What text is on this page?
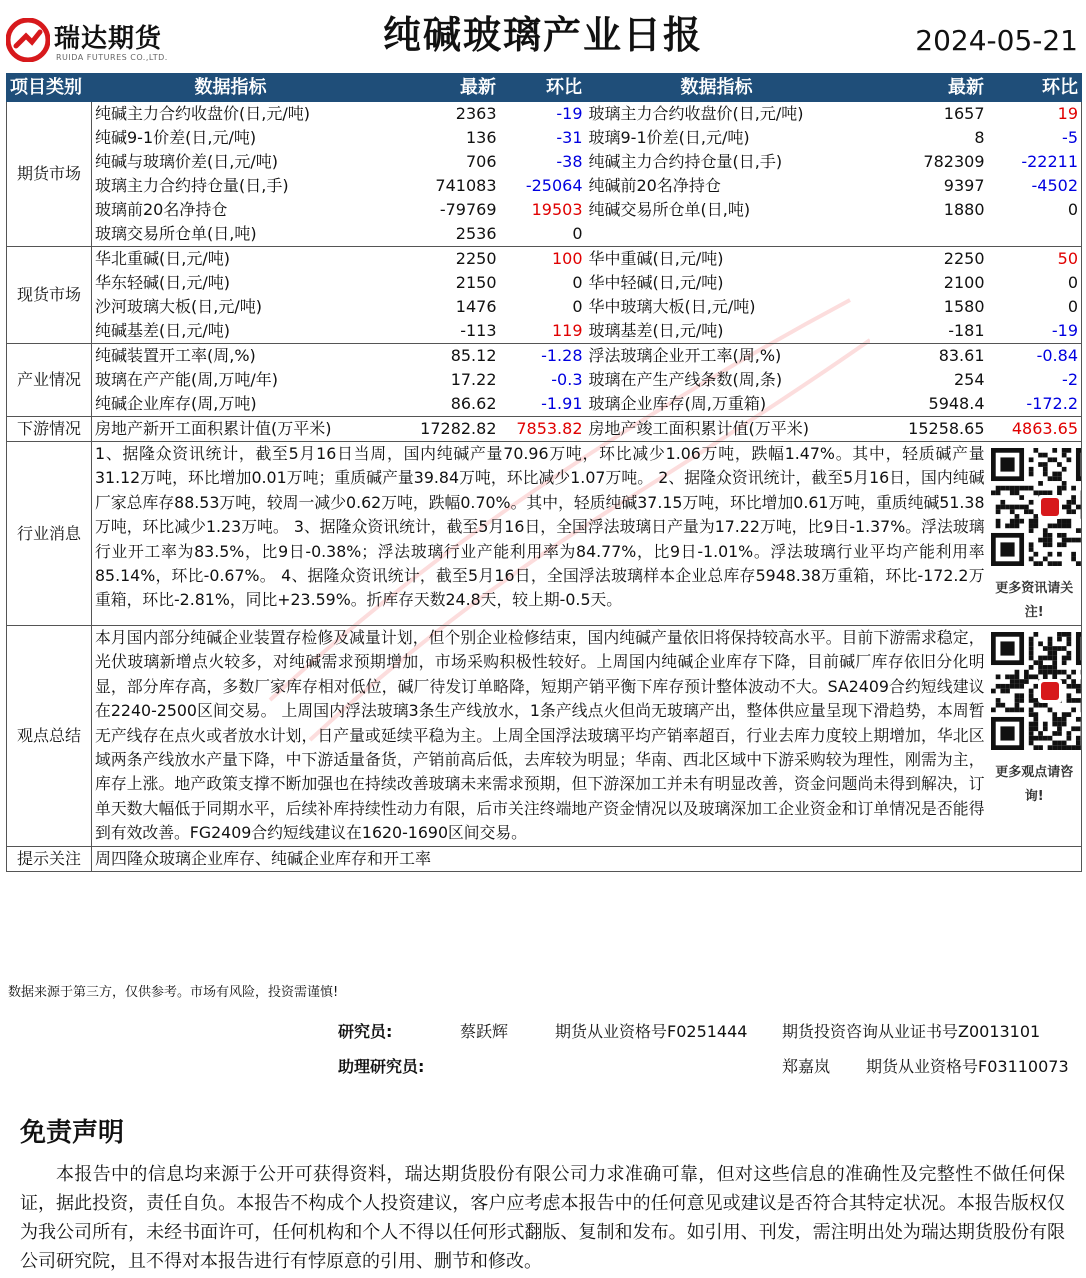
瑞达期货
RUIDA FUTURES CO.,LTD.
纯碱玻璃产业日报	2024-05-21
项目类别	数据指标	最新	环比	数据指标	最新	环比
期货市场	纯碱主力合约收盘价(日,元/吨)	2363	-19	玻璃主力合约收盘价(日,元/吨)	1657	19
	纯碱9-1价差(日,元/吨)	136	-31	玻璃9-1价差(日,元/吨)	8	-5
	纯碱与玻璃价差(日,元/吨)	706	-38	纯碱主力合约持仓量(日,手)	782309	-22211
	玻璃主力合约持仓量(日,手)	741083	-25064	纯碱前20名净持仓	9397	-4502
	玻璃前20名净持仓	-79769	19503	纯碱交易所仓单(日,吨)	1880	0
	玻璃交易所仓单(日,吨)	2536	0			
现货市场	华北重碱(日,元/吨)	2250	100	华中重碱(日,元/吨)	2250	50
	华东轻碱(日,元/吨)	2150	0	华中轻碱(日,元/吨)	2100	0
	沙河玻璃大板(日,元/吨)	1476	0	华中玻璃大板(日,元/吨)	1580	0
	纯碱基差(日,元/吨)	-113	119	玻璃基差(日,元/吨)	-181	-19
产业情况	纯碱装置开工率(周,%)	85.12	-1.28	浮法玻璃企业开工率(周,%)	83.61	-0.84
	玻璃在产产能(周,万吨/年)	17.22	-0.3	玻璃在产生产线条数(周,条)	254	-2
	纯碱企业库存(周,万吨)	86.62	-1.91	玻璃企业库存(周,万重箱)	5948.4	-172.2
下游情况	房地产新开工面积累计值(万平米)	17282.82	7853.82	房地产竣工面积累计值(万平米)	15258.65	4863.65
行业消息	1、据隆众资讯统计，截至5月16日当周，国内纯碱产量70.96万吨，环比减少1.06万吨，跌幅1.47%。其中，轻质碱产量31.12万吨，环比增加0.01万吨；重质碱产量39.84万吨，环比减少1.07万吨。 2、据隆众资讯统计，截至5月16日，国内纯碱厂家总库存88.53万吨，较周一减少0.62万吨，跌幅0.70%。其中，轻质纯碱37.15万吨，环比增加0.61万吨，重质纯碱51.38万吨，环比减少1.23万吨。 3、据隆众资讯统计，截至5月16日，全国浮法玻璃日产量为17.22万吨，比9日-1.37%。浮法玻璃行业开工率为83.5%，比9日-0.38%；浮法玻璃行业产能利用率为84.77%，比9日-1.01%。浮法玻璃行业平均产能利用率85.14%，环比-0.67%。 4、据隆众资讯统计，截至5月16日，全国浮法玻璃样本企业总库存5948.38万重箱，环比-172.2万重箱，环比-2.81%，同比+23.59%。折库存天数24.8天，较上期-0.5天。					更多资讯请关注!

观点总结	本月国内部分纯碱企业装置存检修及减量计划，但个别企业检修结束，国内纯碱产量依旧将保持较高水平。目前下游需求稳定，光伏玻璃新增点火较多，对纯碱需求预期增加，市场采购积极性较好。上周国内纯碱企业库存下降，目前碱厂库存依旧分化明显，部分库存高，多数厂家库存相对低位，碱厂待发订单略降，短期产销平衡下库存预计整体波动不大。SA2409合约短线建议在2240-2500区间交易。 上周国内浮法玻璃3条生产线放水，1条产线点火但尚无玻璃产出，整体供应量呈现下滑趋势，本周暂无产线存在点火或者放水计划，日产量或延续平稳为主。上周全国浮法玻璃平均产销率超百，行业去库力度较上期增加，华北区域两条产线放水产量下降，中下游适量备货，产销前高后低，去库较为明显；华南、西北区域中下游采购较为理性，刚需为主，库存上涨。地产政策支撑不断加强也在持续改善玻璃未来需求预期，但下游深加工并未有明显改善，资金问题尚未得到解决，订单天数大幅低于同期水平，后续补库持续性动力有限，后市关注终端地产资金情况以及玻璃深加工企业资金和订单情况是否能得到有效改善。FG2409合约短线建议在1620-1690区间交易。					更多观点请咨询!

提示关注	周四隆众玻璃企业库存、纯碱企业库存和开工率					
数据来源于第三方，仅供参考。市场有风险，投资需谨慎!
研究员:	蔡跃辉	期货从业资格号F0251444 期货投资咨询从业证书号Z0013101
助理研究员:	郑嘉岚 期货从业资格号F03110073
免责声明
本报告中的信息均来源于公开可获得资料，瑞达期货股份有限公司力求准确可靠，但对这些信息的准确性及完整性不做任何保证，据此投资，责任自负。本报告不构成个人投资建议，客户应考虑本报告中的任何意见或建议是否符合其特定状况。本报告版权仅为我公司所有，未经书面许可，任何机构和个人不得以任何形式翻版、复制和发布。如引用、刊发，需注明出处为瑞达期货股份有限公司研究院，且不得对本报告进行有悖原意的引用、删节和修改。
